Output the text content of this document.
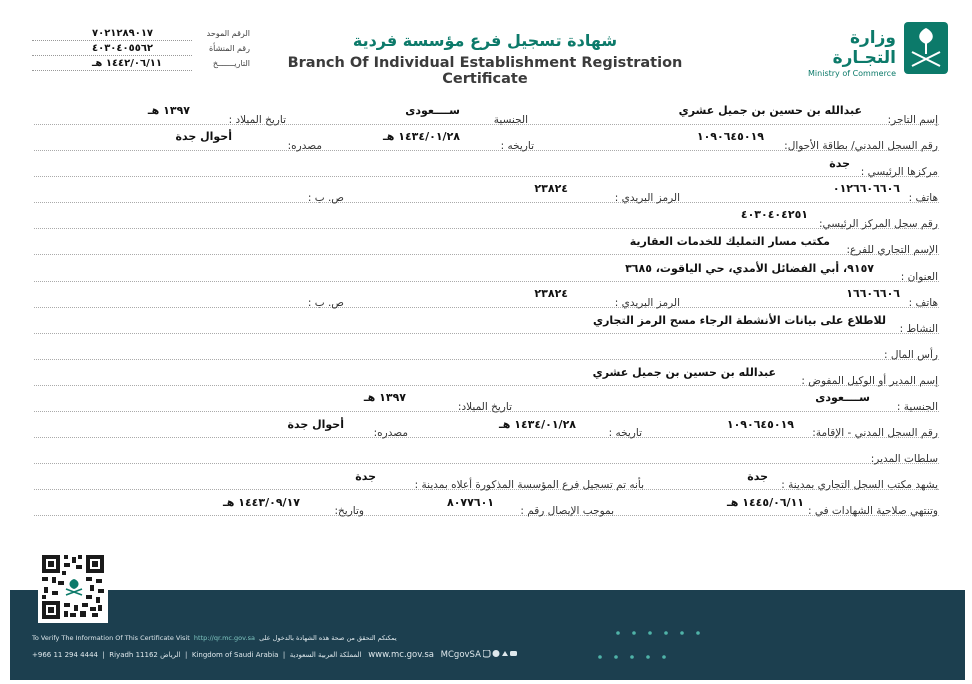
وزارة التجـارة
Ministry of Commerce
شهادة تسجيل فرع مؤسسة فردية
Branch Of Individual Establishment Registration Certificate
٧٠٢١٢٨٩٠١٧	الرقم الموحد
٤٠٣٠٤٠٥٥٦٢	رقم المنشأة
١٤٤٢/٠٦/١١ هـ	التاريـــــــخ
إسم التاجر:
عبدالله بن حسين بن جميل عشري
الجنسية
ســــعودى
تاريخ الميلاد :
١٣٩٧ هـ
رقم السجل المدني/ بطاقة الأحوال:
١٠٩٠٦٤٥٠١٩
تاريخه :
١٤٣٤/٠١/٢٨ هـ
مصدره:
أحوال جدة
مركزها الرئيسي :
جدة
هاتف :
٠١٢٦٦٠٦٦٠٦
الرمز البريدي :
٢٣٨٢٤
ص. ب :
رقم سجل المركز الرئيسي:
٤٠٣٠٤٠٤٢٥١
الإسم التجاري للفرع:
مكتب مسار التمليك للخدمات العقارية
العنوان :
٩١٥٧، أبي الفضائل الأمدي، حي الياقوت، ٣٦٨٥
هاتف :
١٦٦٠٦٦٠٦
الرمز البريدي :
٢٣٨٢٤
ص. ب :
النشاط :
للاطلاع على بيانات الأنشطة الرجاء مسح الرمز التجاري
رأس المال :
إسم المدير أو الوكيل المفوض :
عبدالله بن حسين بن جميل عشري
الجنسية :
ســــعودى
تاريخ الميلاد:
١٣٩٧ هـ
رقم السجل المدني - الإقامة:
١٠٩٠٦٤٥٠١٩
تاريخه :
١٤٣٤/٠١/٢٨ هـ
مصدره:
أحوال جدة
سلطات المدير:
يشهد مكتب السجل التجاري بمدينة :
جدة
بأنه تم تسجيل فرع المؤسسة المذكورة أعلاه بمدينة :
جدة
وتنتهي صلاحية الشهادات في :
١٤٤٥/٠٦/١١ هـ
بموجب الإيصال رقم :
٨٠٧٧٦٠١
وتاريخ:
١٤٤٣/٠٩/١٧ هـ
To Verify The Information Of This Certificate Visit http://qr.mc.gov.sa يمكنكم التحقق من صحة هذه الشهادة بالدخول على
+966 11 294 4444  |  Riyadh 11162 الرياض  |  Kingdom of Saudi Arabia  |  المملكة العربية السعودية www.mc.gov.sa MCgovSA
